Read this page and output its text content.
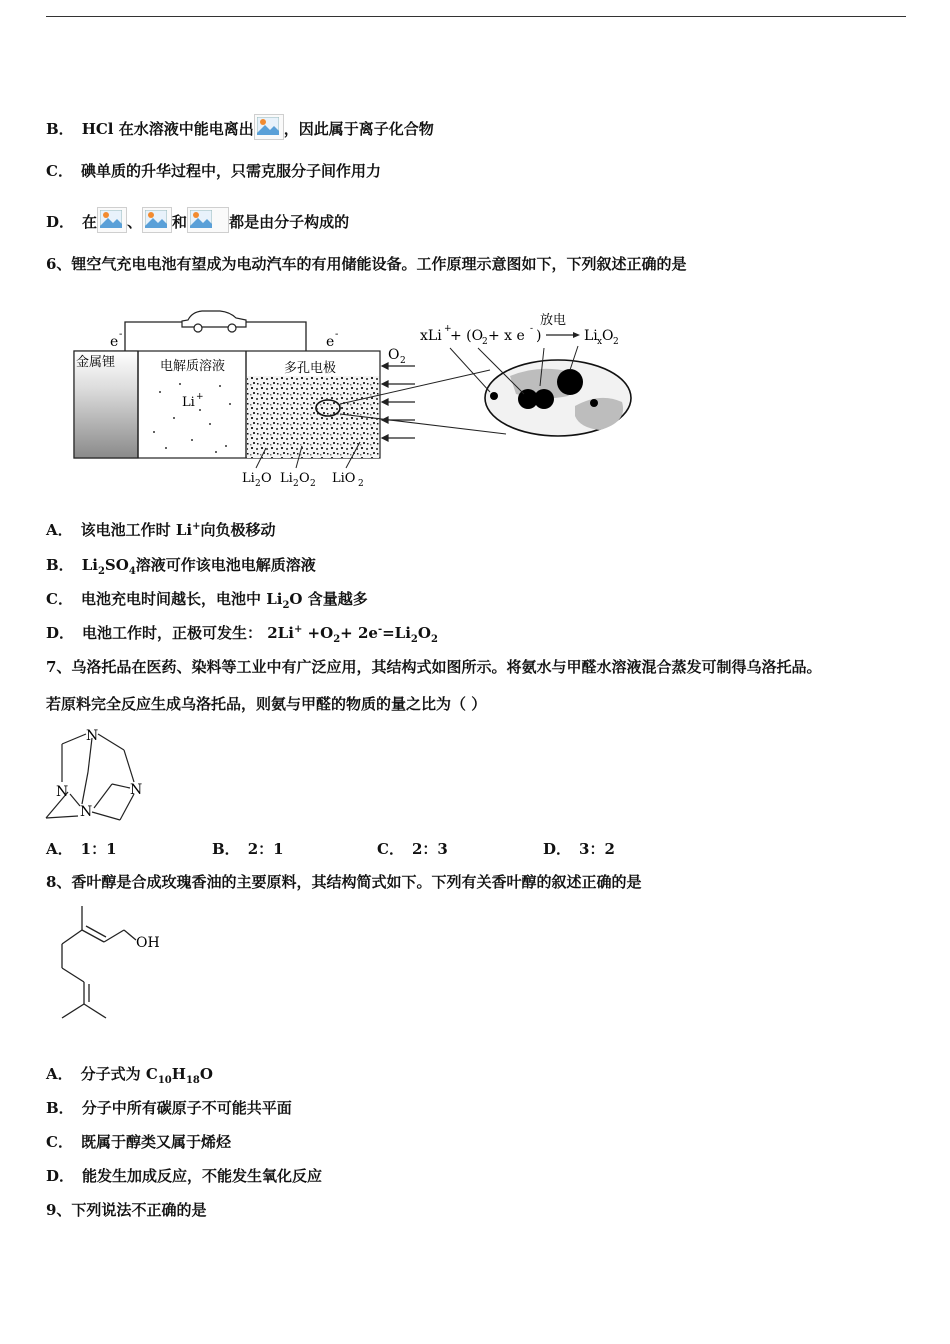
B． HCl 在水溶液中能电离出 ，因此属于离子化合物
C． 碘单质的升华过程中，只需克服分子间作用力
D． 在 、 和	都是由分子构成的
6、锂空气充电电池有望成为电动汽车的有用储能设备。工作原理示意图如下，下列叙述正确的是
e -	e -
金属锂	电解质溶液
Li +
多孔电极
O 2
放电
xLi +
+ (O
2 + x e - )	Li x O 2
Li 2 O Li 2 O 2 LiO 2
A． 该电池工作时 Li+向负极移动
B． $Li_2SO_4$溶液可作该电池电解质溶液
C． 电池充电时间越长，电池中 $Li_2O$ 含量越多
D． 电池工作时，正极可发生： $2Li^+ +O_2+ 2e^-=Li_2O_2$
7、乌洛托品在医药、染料等工业中有广泛应用，其结构式如图所示。将氨水与甲醛水溶液混合蒸发可制得乌洛托品。
若原料完全反应生成乌洛托品，则氨与甲醛的物质的量之比为（ ）
N
N	N
N
A． 1：1	B． 2：1	C． 2：3	D． 3：2
8、香叶醇是合成玫瑰香油的主要原料，其结构简式如下。下列有关香叶醇的叙述正确的是
OH
A． 分子式为 $C_{10}H_{18}O$
B． 分子中所有碳原子不可能共平面
C． 既属于醇类又属于烯烃
D． 能发生加成反应，不能发生氧化反应
9、下列说法不正确的是
